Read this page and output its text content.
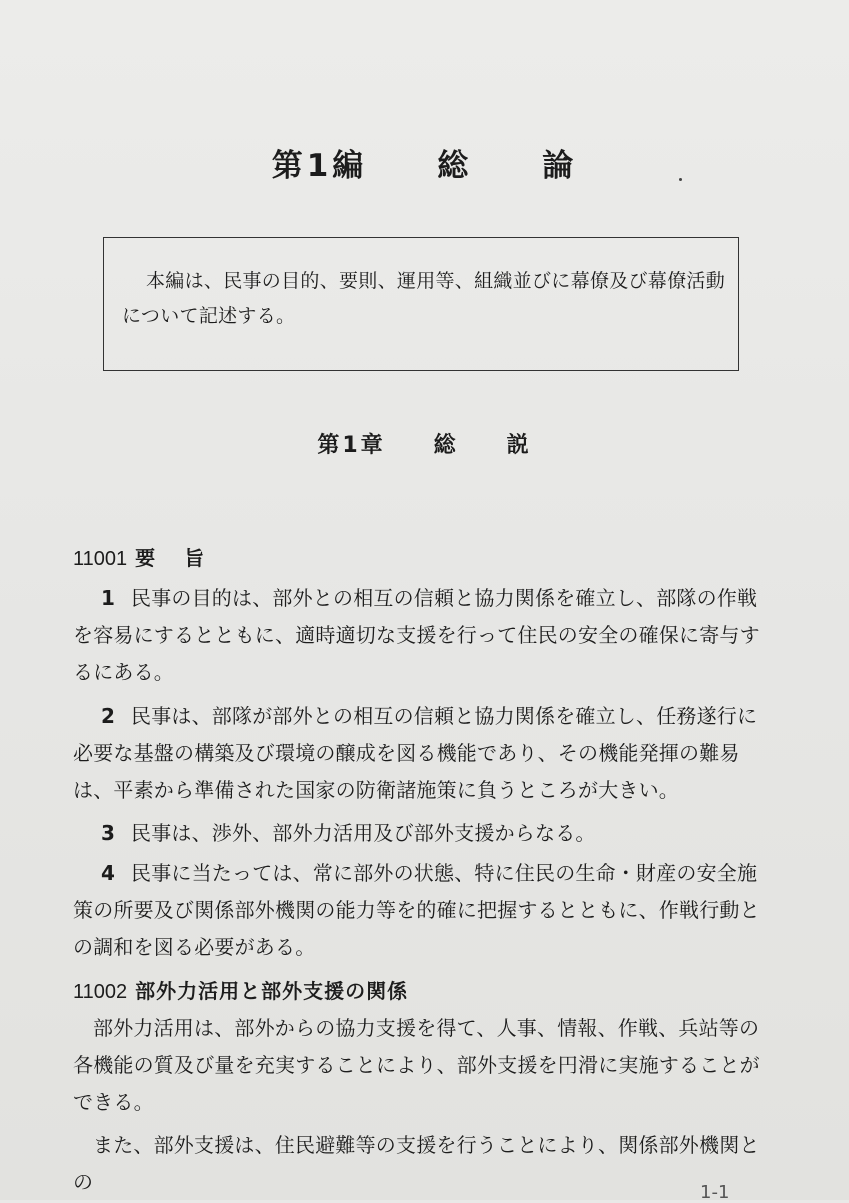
第1編 総 論
本編は、民事の目的、要則、運用等、組織並びに幕僚及び幕僚活動について記述する。
第1章 総 説
11001 要 旨
1 民事の目的は、部外との相互の信頼と協力関係を確立し、部隊の作戦を容易にするとともに、適時適切な支援を行って住民の安全の確保に寄与するにある。
2 民事は、部隊が部外との相互の信頼と協力関係を確立し、任務遂行に必要な基盤の構築及び環境の醸成を図る機能であり、その機能発揮の難易は、平素から準備された国家の防衛諸施策に負うところが大きい。
3 民事は、渉外、部外力活用及び部外支援からなる。
4 民事に当たっては、常に部外の状態、特に住民の生命・財産の安全施策の所要及び関係部外機関の能力等を的確に把握するとともに、作戦行動との調和を図る必要がある。
11002 部外力活用と部外支援の関係
部外力活用は、部外からの協力支援を得て、人事、情報、作戦、兵站等の各機能の質及び量を充実することにより、部外支援を円滑に実施することができる。
また、部外支援は、住民避難等の支援を行うことにより、関係部外機関との	1-1
